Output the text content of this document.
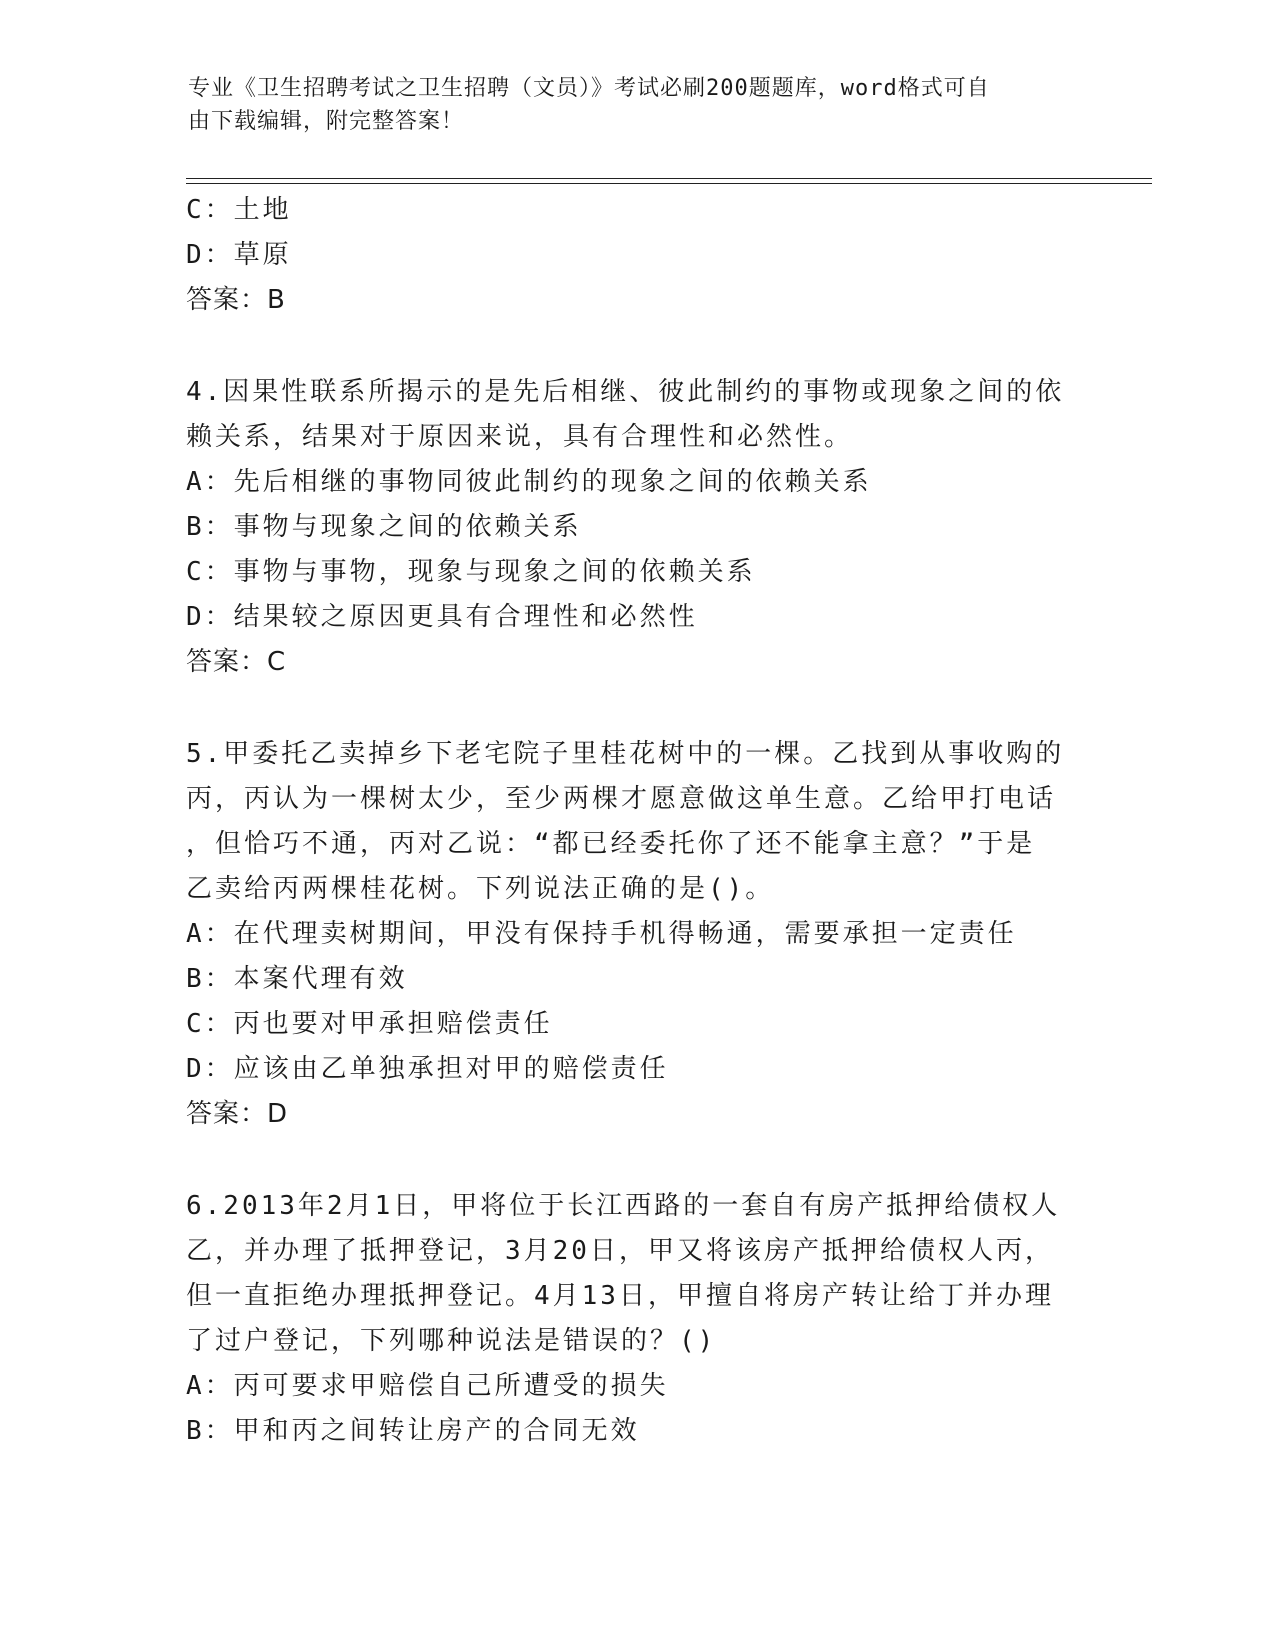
专业《卫生招聘考试之卫生招聘（文员）》考试必刷200题题库，word格式可自
由下载编辑，附完整答案！
C：土地
D：草原
答案：B
4.因果性联系所揭示的是先后相继、彼此制约的事物或现象之间的依
赖关系，结果对于原因来说，具有合理性和必然性。
A：先后相继的事物同彼此制约的现象之间的依赖关系
B：事物与现象之间的依赖关系
C：事物与事物，现象与现象之间的依赖关系
D：结果较之原因更具有合理性和必然性
答案：C
5.甲委托乙卖掉乡下老宅院子里桂花树中的一棵。乙找到从事收购的
丙，丙认为一棵树太少，至少两棵才愿意做这单生意。乙给甲打电话
，但恰巧不通，丙对乙说：“都已经委托你了还不能拿主意？”于是
乙卖给丙两棵桂花树。下列说法正确的是()。
A：在代理卖树期间，甲没有保持手机得畅通，需要承担一定责任
B：本案代理有效
C：丙也要对甲承担赔偿责任
D：应该由乙单独承担对甲的赔偿责任
答案：D
6.2013年2月1日，甲将位于长江西路的一套自有房产抵押给债权人
乙，并办理了抵押登记，3月20日，甲又将该房产抵押给债权人丙，
但一直拒绝办理抵押登记。4月13日，甲擅自将房产转让给丁并办理
了过户登记，下列哪种说法是错误的？()
A：丙可要求甲赔偿自己所遭受的损失
B：甲和丙之间转让房产的合同无效
